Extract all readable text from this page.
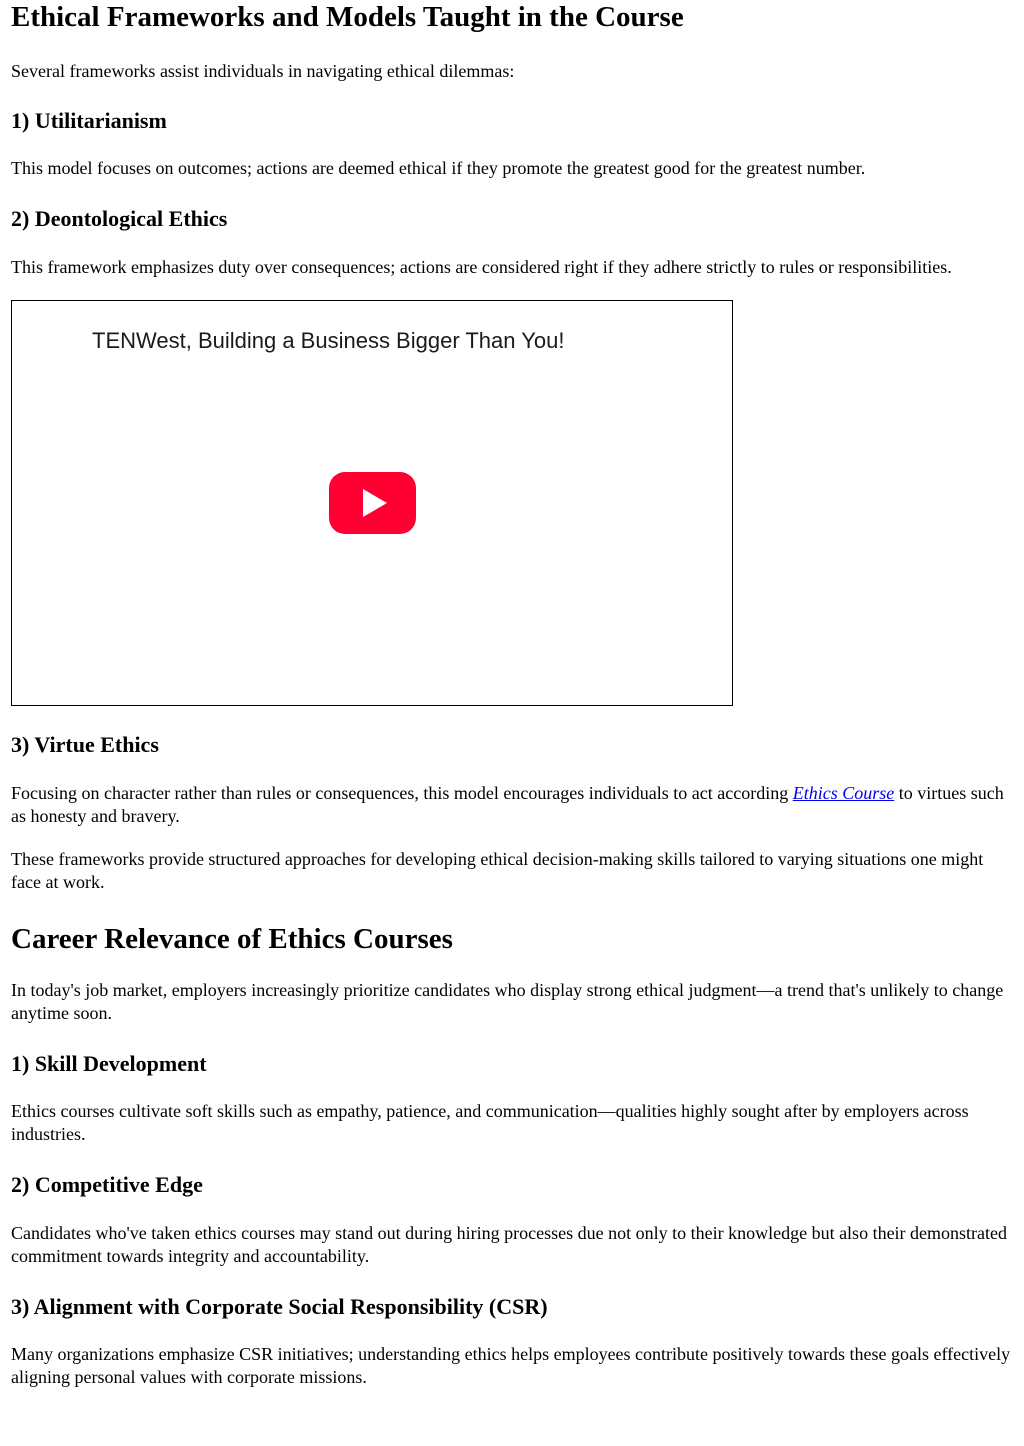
Ethical Frameworks and Models Taught in the Course

Several frameworks assist individuals in navigating ethical dilemmas:

1) Utilitarianism

This model focuses on outcomes; actions are deemed ethical if they promote the greatest good for the greatest number.

2) Deontological Ethics

This framework emphasizes duty over consequences; actions are considered right if they adhere strictly to rules or responsibilities.

TENWest, Building a Business Bigger Than You!
3) Virtue Ethics

Focusing on character rather than rules or consequences, this model encourages individuals to act according Ethics Course to virtues such as honesty and bravery.

These frameworks provide structured approaches for developing ethical decision-making skills tailored to varying situations one might face at work.

Career Relevance of Ethics Courses

In today's job market, employers increasingly prioritize candidates who display strong ethical judgment—a trend that's unlikely to change anytime soon.

1) Skill Development

Ethics courses cultivate soft skills such as empathy, patience, and communication—qualities highly sought after by employers across industries.

2) Competitive Edge

Candidates who've taken ethics courses may stand out during hiring processes due not only to their knowledge but also their demonstrated commitment towards integrity and accountability.

3) Alignment with Corporate Social Responsibility (CSR)

Many organizations emphasize CSR initiatives; understanding ethics helps employees contribute positively towards these goals effectively aligning personal values with corporate missions.
